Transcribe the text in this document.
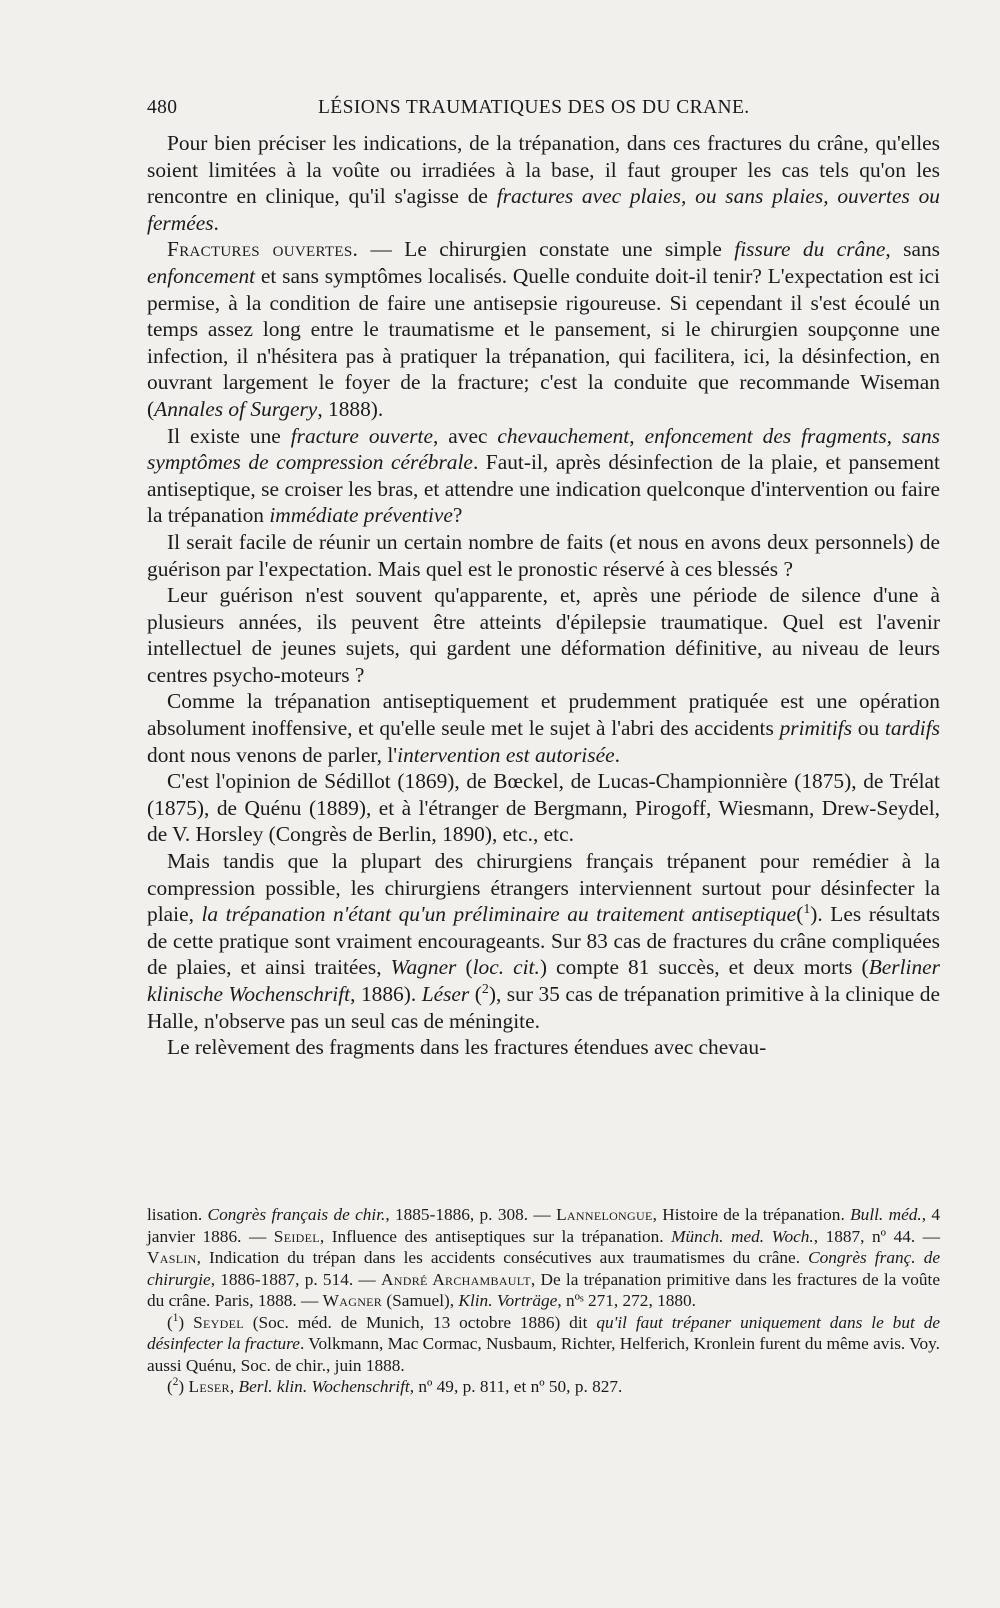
480	LÉSIONS TRAUMATIQUES DES OS DU CRANE.

Pour bien préciser les indications, de la trépanation, dans ces fractures du crâne, qu'elles soient limitées à la voûte ou irradiées à la base, il faut grouper les cas tels qu'on les rencontre en clinique, qu'il s'agisse de fractures avec plaies, ou sans plaies, ouvertes ou fermées.

Fractures ouvertes. — Le chirurgien constate une simple fissure du crâne, sans enfoncement et sans symptômes localisés. Quelle conduite doit-il tenir? L'expectation est ici permise, à la condition de faire une antisepsie rigoureuse. Si cependant il s'est écoulé un temps assez long entre le traumatisme et le pansement, si le chirurgien soupçonne une infection, il n'hésitera pas à pratiquer la trépanation, qui facilitera, ici, la désinfection, en ouvrant largement le foyer de la fracture; c'est la conduite que recommande Wiseman (Annales of Surgery, 1888).

Il existe une fracture ouverte, avec chevauchement, enfoncement des fragments, sans symptômes de compression cérébrale. Faut-il, après désinfection de la plaie, et pansement antiseptique, se croiser les bras, et attendre une indication quelconque d'intervention ou faire la trépanation immédiate préventive?

Il serait facile de réunir un certain nombre de faits (et nous en avons deux personnels) de guérison par l'expectation. Mais quel est le pronostic réservé à ces blessés ?

Leur guérison n'est souvent qu'apparente, et, après une période de silence d'une à plusieurs années, ils peuvent être atteints d'épilepsie traumatique. Quel est l'avenir intellectuel de jeunes sujets, qui gardent une déformation définitive, au niveau de leurs centres psycho-moteurs ?

Comme la trépanation antiseptiquement et prudemment pratiquée est une opération absolument inoffensive, et qu'elle seule met le sujet à l'abri des accidents primitifs ou tardifs dont nous venons de parler, l'intervention est autorisée.

C'est l'opinion de Sédillot (1869), de Bœckel, de Lucas-Championnière (1875), de Trélat (1875), de Quénu (1889), et à l'étranger de Bergmann, Pirogoff, Wiesmann, Drew-Seydel, de V. Horsley (Congrès de Berlin, 1890), etc., etc.

Mais tandis que la plupart des chirurgiens français trépanent pour remédier à la compression possible, les chirurgiens étrangers interviennent surtout pour désinfecter la plaie, la trépanation n'étant qu'un préliminaire au traitement antiseptique($^1$). Les résultats de cette pratique sont vraiment encourageants. Sur 83 cas de fractures du crâne compliquées de plaies, et ainsi traitées, Wagner (loc. cit.) compte 81 succès, et deux morts (Berliner klinische Wochenschrift, 1886). Léser ($^2$), sur 35 cas de trépanation primitive à la clinique de Halle, n'observe pas un seul cas de méningite.

Le relèvement des fragments dans les fractures étendues avec chevau-

lisation. Congrès français de chir., 1885-1886, p. 308. — Lannelongue, Histoire de la trépanation. Bull. méd., 4 janvier 1886. — Seidel, Influence des antiseptiques sur la trépanation. Münch. med. Woch., 1887, nº 44. — Vaslin, Indication du trépan dans les accidents consécutives aux traumatismes du crâne. Congrès franç. de chirurgie, 1886-1887, p. 514. — André Archambault, De la trépanation primitive dans les fractures de la voûte du crâne. Paris, 1888. — Wagner (Samuel), Klin. Vorträge, nºˢ 271, 272, 1880.

($^1$) Seydel (Soc. méd. de Munich, 13 octobre 1886) dit qu'il faut trépaner uniquement dans le but de désinfecter la fracture. Volkmann, Mac Cormac, Nusbaum, Richter, Helferich, Kronlein furent du même avis. Voy. aussi Quénu, Soc. de chir., juin 1888.

($^2$) Leser, Berl. klin. Wochenschrift, nº 49, p. 811, et nº 50, p. 827.
